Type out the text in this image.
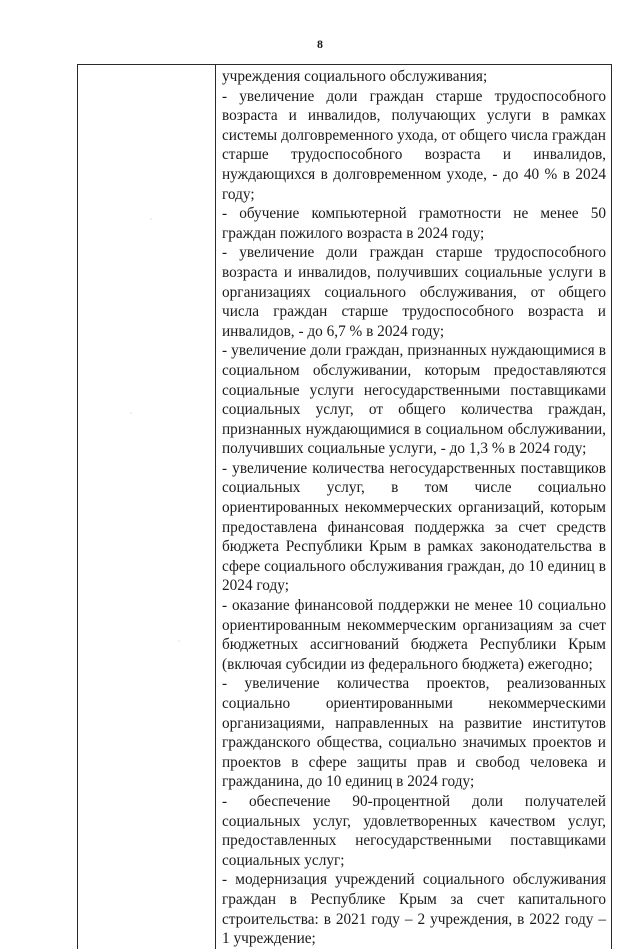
8

учреждения социального обслуживания;

- увеличение доли граждан старше трудоспособного возраста и инвалидов, получающих услуги в рамках системы долговременного ухода, от общего числа граждан старше трудоспособного возраста и инвалидов, нуждающихся в долговременном уходе, - до 40 % в 2024 году;

- обучение компьютерной грамотности не менее 50 граждан пожилого возраста в 2024 году;

- увеличение доли граждан старше трудоспособного возраста и инвалидов, получивших социальные услуги в организациях социального обслуживания, от общего числа граждан старше трудоспособного возраста и инвалидов, - до 6,7 % в 2024 году;

- увеличение доли граждан, признанных нуждающимися в социальном обслуживании, которым предоставляются социальные услуги негосударственными поставщиками социальных услуг, от общего количества граждан, признанных нуждающимися в социальном обслуживании, получивших социальные услуги, - до 1,3 % в 2024 году;

- увеличение количества негосударственных поставщиков социальных услуг, в том числе социально ориентированных некоммерческих организаций, которым предоставлена финансовая поддержка за счет средств бюджета Республики Крым в рамках законодательства в сфере социального обслуживания граждан, до 10 единиц в 2024 году;

- оказание финансовой поддержки не менее 10 социально ориентированным некоммерческим организациям за счет бюджетных ассигнований бюджета Республики Крым (включая субсидии из федерального бюджета) ежегодно;

- увеличение количества проектов, реализованных социально ориентированными некоммерческими организациями, направленных на развитие институтов гражданского общества, социально значимых проектов и проектов в сфере защиты прав и свобод человека и гражданина, до 10 единиц в 2024 году;

- обеспечение 90-процентной доли получателей социальных услуг, удовлетворенных качеством услуг, предоставленных негосударственными поставщиками социальных услуг;

- модернизация учреждений социального обслуживания граждан в Республике Крым за счет капитального строительства: в 2021 году – 2 учреждения, в 2022 году – 1 учреждение;
